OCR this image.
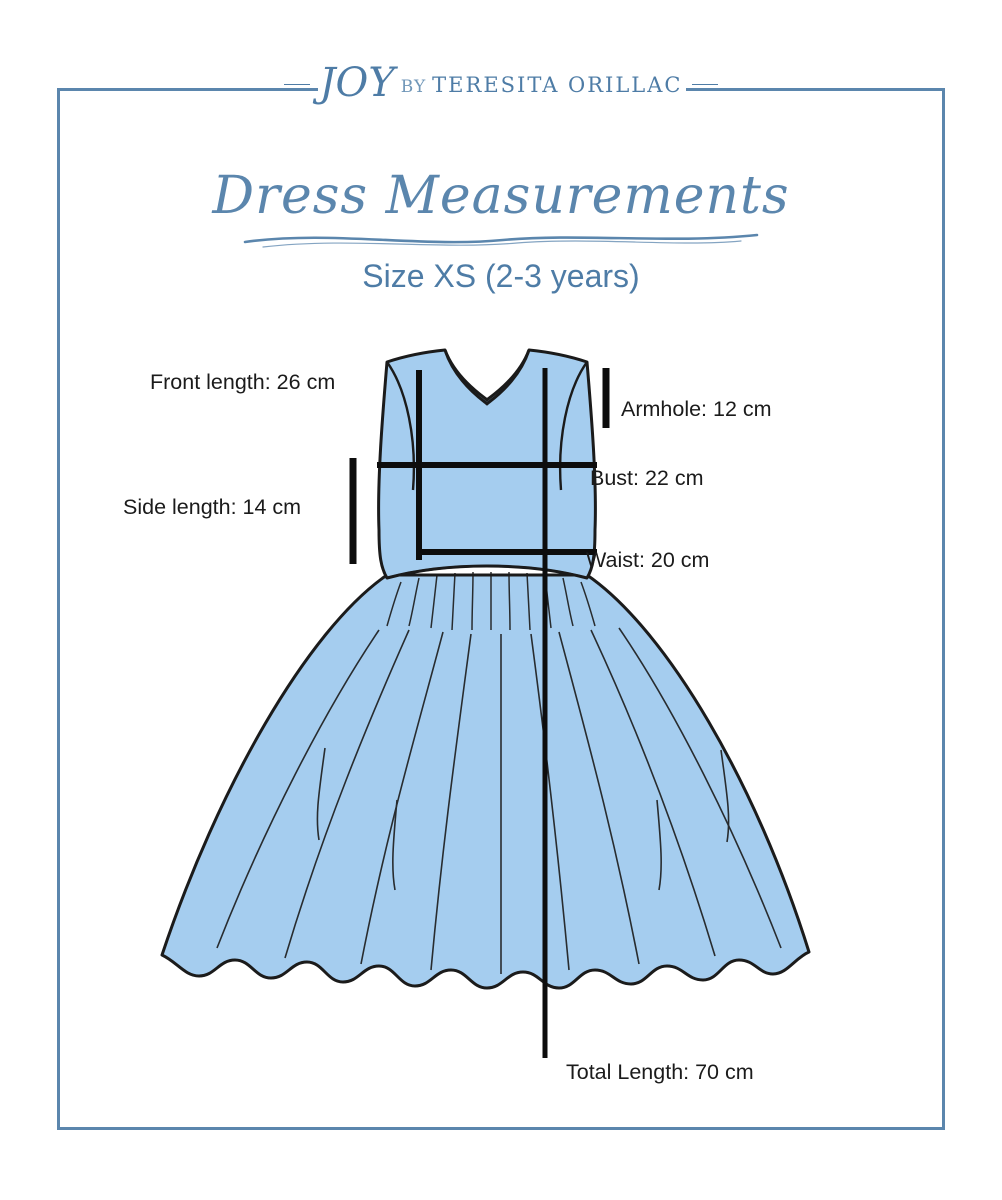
JOY BY TERESITA ORILLAC
Dress Measurements
Size XS (2-3 years)
Front length: 26 cm
Armhole: 12 cm
Bust: 22 cm
Side length: 14 cm
Waist: 20 cm
Total Length: 70 cm
